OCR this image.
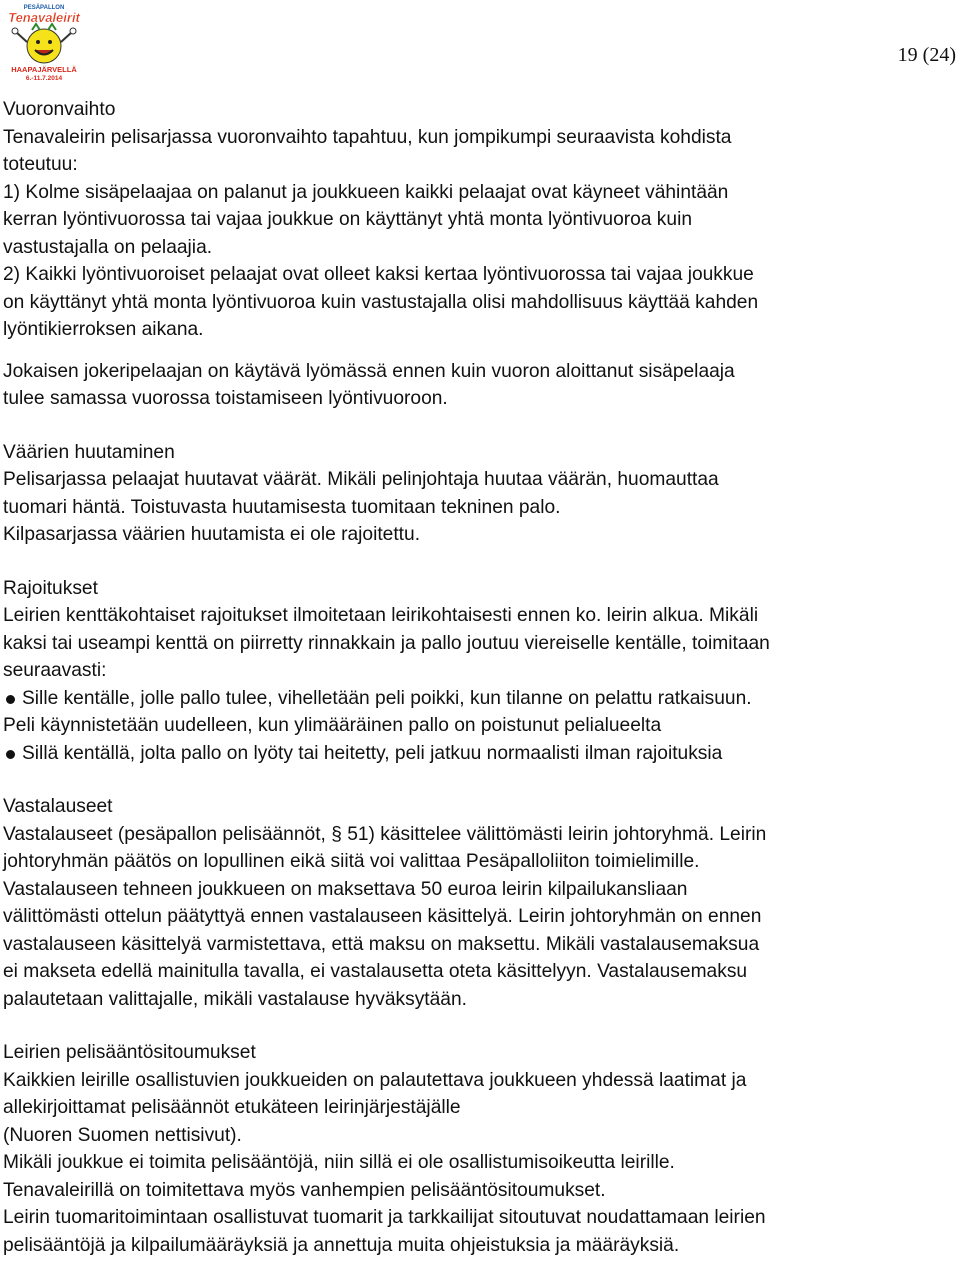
PESÄPALLON
Tenavaleirit
HAAPAJÄRVELLÄ
6.-11.7.2014
19 (24)

Vuoronvaihto

Tenavaleirin pelisarjassa vuoronvaihto tapahtuu, kun jompikumpi seuraavista kohdista

toteutuu:

1) Kolme sisäpelaajaa on palanut ja joukkueen kaikki pelaajat ovat käyneet vähintään

kerran lyöntivuorossa tai vajaa joukkue on käyttänyt yhtä monta lyöntivuoroa kuin

vastustajalla on pelaajia.

2) Kaikki lyöntivuoroiset pelaajat ovat olleet kaksi kertaa lyöntivuorossa tai vajaa joukkue

on käyttänyt yhtä monta lyöntivuoroa kuin vastustajalla olisi mahdollisuus käyttää kahden

lyöntikierroksen aikana.

Jokaisen jokeripelaajan on käytävä lyömässä ennen kuin vuoron aloittanut sisäpelaaja

tulee samassa vuorossa toistamiseen lyöntivuoroon.

Väärien huutaminen

Pelisarjassa pelaajat huutavat väärät. Mikäli pelinjohtaja huutaa väärän, huomauttaa

tuomari häntä. Toistuvasta huutamisesta tuomitaan tekninen palo.

Kilpasarjassa väärien huutamista ei ole rajoitettu.

Rajoitukset

Leirien kenttäkohtaiset rajoitukset ilmoitetaan leirikohtaisesti ennen ko. leirin alkua. Mikäli

kaksi tai useampi kenttä on piirretty rinnakkain ja pallo joutuu viereiselle kentälle, toimitaan

seuraavasti:

Sille kentälle, jolle pallo tulee, vihelletään peli poikki, kun tilanne on pelattu ratkaisuun.

Peli käynnistetään uudelleen, kun ylimääräinen pallo on poistunut pelialueelta

Sillä kentällä, jolta pallo on lyöty tai heitetty, peli jatkuu normaalisti ilman rajoituksia

Vastalauseet

Vastalauseet (pesäpallon pelisäännöt, § 51) käsittelee välittömästi leirin johtoryhmä. Leirin

johtoryhmän päätös on lopullinen eikä siitä voi valittaa Pesäpalloliiton toimielimille.

Vastalauseen tehneen joukkueen on maksettava 50 euroa leirin kilpailukansliaan

välittömästi ottelun päätyttyä ennen vastalauseen käsittelyä. Leirin johtoryhmän on ennen

vastalauseen käsittelyä varmistettava, että maksu on maksettu. Mikäli vastalausemaksua

ei makseta edellä mainitulla tavalla, ei vastalausetta oteta käsittelyyn. Vastalausemaksu

palautetaan valittajalle, mikäli vastalause hyväksytään.

Leirien pelisääntösitoumukset

Kaikkien leirille osallistuvien joukkueiden on palautettava joukkueen yhdessä laatimat ja

allekirjoittamat pelisäännöt etukäteen leirinjärjestäjälle

(Nuoren Suomen nettisivut).

Mikäli joukkue ei toimita pelisääntöjä, niin sillä ei ole osallistumisoikeutta leirille.

Tenavaleirillä on toimitettava myös vanhempien pelisääntösitoumukset.

Leirin tuomaritoimintaan osallistuvat tuomarit ja tarkkailijat sitoutuvat noudattamaan leirien

pelisääntöjä ja kilpailumääräyksiä ja annettuja muita ohjeistuksia ja määräyksiä.
